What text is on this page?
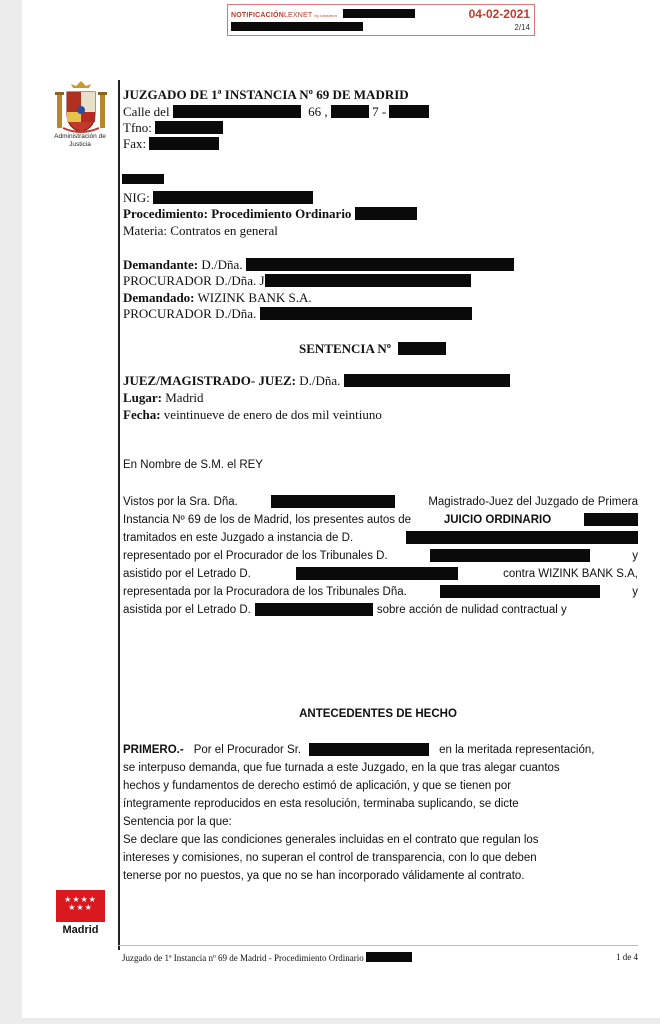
NOTIFICACIÓNLEXNET by kmaleon	04-02-2021
2/14
Administración de Justicia
★★★★
★★★
Madrid
JUZGADO DE 1ª INSTANCIA Nº 69 DE MADRID
Calle del	66 ,	7 -
Tfno:
Fax:
NIG:
Procedimiento: Procedimiento Ordinario
Materia: Contratos en general
Demandante: D./Dña.
PROCURADOR D./Dña. J
Demandado: WIZINK BANK S.A.
PROCURADOR D./Dña.
SENTENCIA Nº
JUEZ/MAGISTRADO- JUEZ: D./Dña.
Lugar: Madrid
Fecha: veintinueve de enero de dos mil veintiuno
En Nombre de S.M. el REY
Vistos por la Sra. Dña.	Magistrado-Juez del Juzgado de Primera
Instancia Nº 69 de los de Madrid, los presentes autos de	JUICIO ORDINARIO
tramitados en este Juzgado a instancia de D.
representado por el Procurador de los Tribunales D.	y
asistido por el Letrado D.	contra WIZINK BANK S.A,
representada por la Procuradora de los Tribunales Dña.	y
asistida por el Letrado D.	sobre acción de nulidad contractual y
ANTECEDENTES DE HECHO
PRIMERO.- Por el Procurador Sr.	en la meritada representación,
se interpuso demanda, que fue turnada a este Juzgado, en la que tras alegar cuantos
hechos y fundamentos de derecho estimó de aplicación, y que se tienen por
íntegramente reproducidos en esta resolución, terminaba suplicando, se dicte
Sentencia por la que:
Se declare que las condiciones generales incluidas en el contrato que regulan los
intereses y comisiones, no superan el control de transparencia, con lo que deben
tenerse por no puestos, ya que no se han incorporado válidamente al contrato.
Juzgado de 1ª Instancia nº 69 de Madrid - Procedimiento Ordinario	1 de 4
